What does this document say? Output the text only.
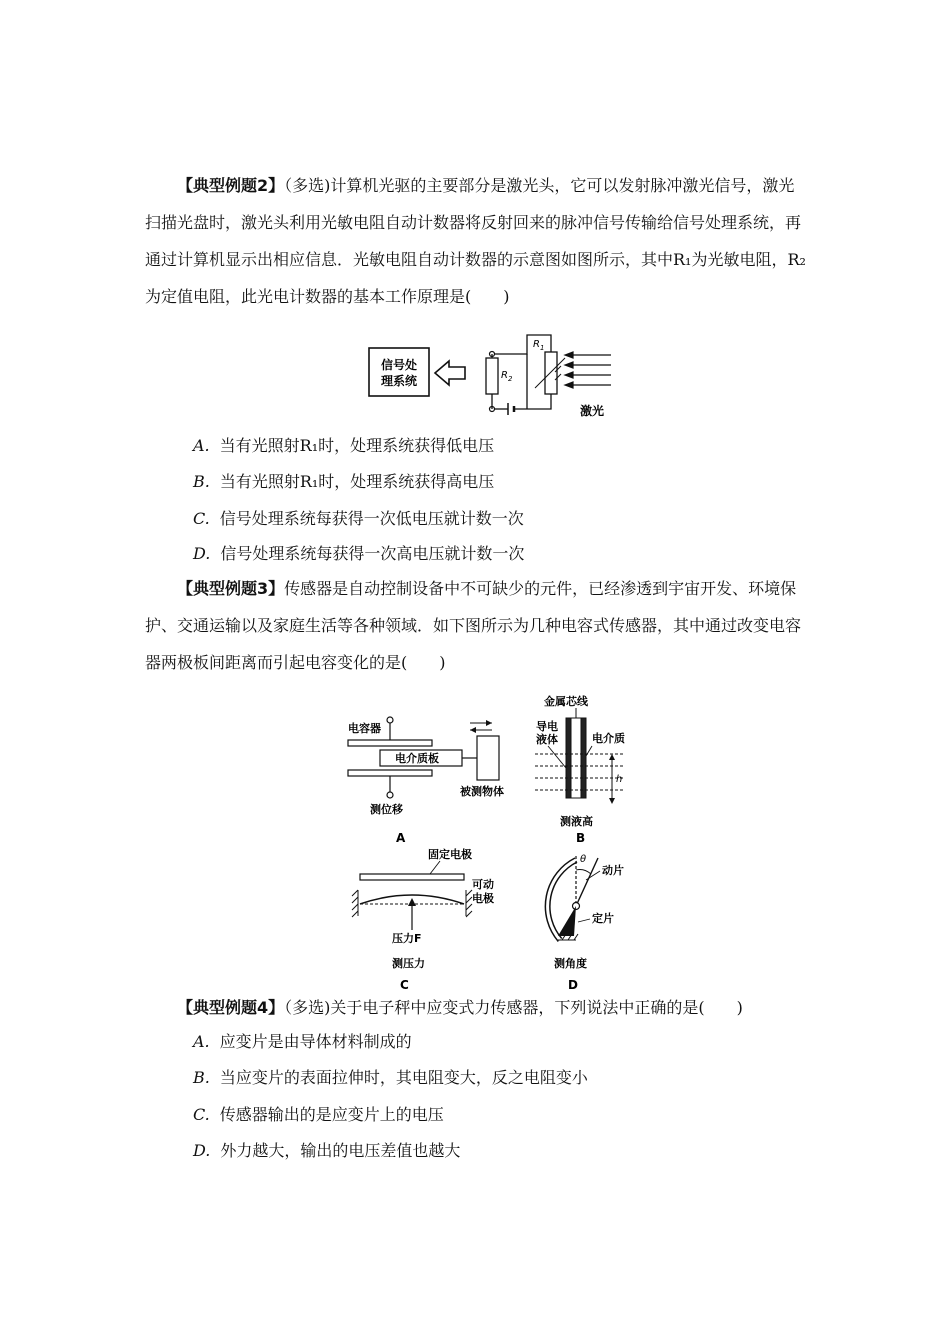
【典型例题2】（多选)计算机光驱的主要部分是激光头，它可以发射脉冲激光信号，激光扫描光盘时，激光头利用光敏电阻自动计数器将反射回来的脉冲信号传输给信号处理系统，再通过计算机显示出相应信息．光敏电阻自动计数器的示意图如图所示，其中R₁为光敏电阻，R₂为定值电阻，此光电计数器的基本工作原理是(　　)

信号处
理系统	$R_2$
$R_1$
激光
A. 当有光照射R₁时，处理系统获得低电压
B. 当有光照射R₁时，处理系统获得高电压
C. 信号处理系统每获得一次低电压就计数一次
D. 信号处理系统每获得一次高电压就计数一次

【典型例题3】传感器是自动控制设备中不可缺少的元件，已经渗透到宇宙开发、环境保护、交通运输以及家庭生活等各种领域．如下图所示为几种电容式传感器，其中通过改变电容器两极板间距离而引起电容变化的是(　　)

电容器
电介质板
被测物体
测位移
A
金属芯线
h
导电
液体	电介质
测液高
B
固定电极
可动
电极
压力F
测压力
C
θ
动片
定片
测角度
D

【典型例题4】（多选)关于电子秤中应变式力传感器，下列说法中正确的是(　　)

A. 应变片是由导体材料制成的
B. 当应变片的表面拉伸时，其电阻变大，反之电阻变小
C. 传感器输出的是应变片上的电压
D. 外力越大，输出的电压差值也越大
